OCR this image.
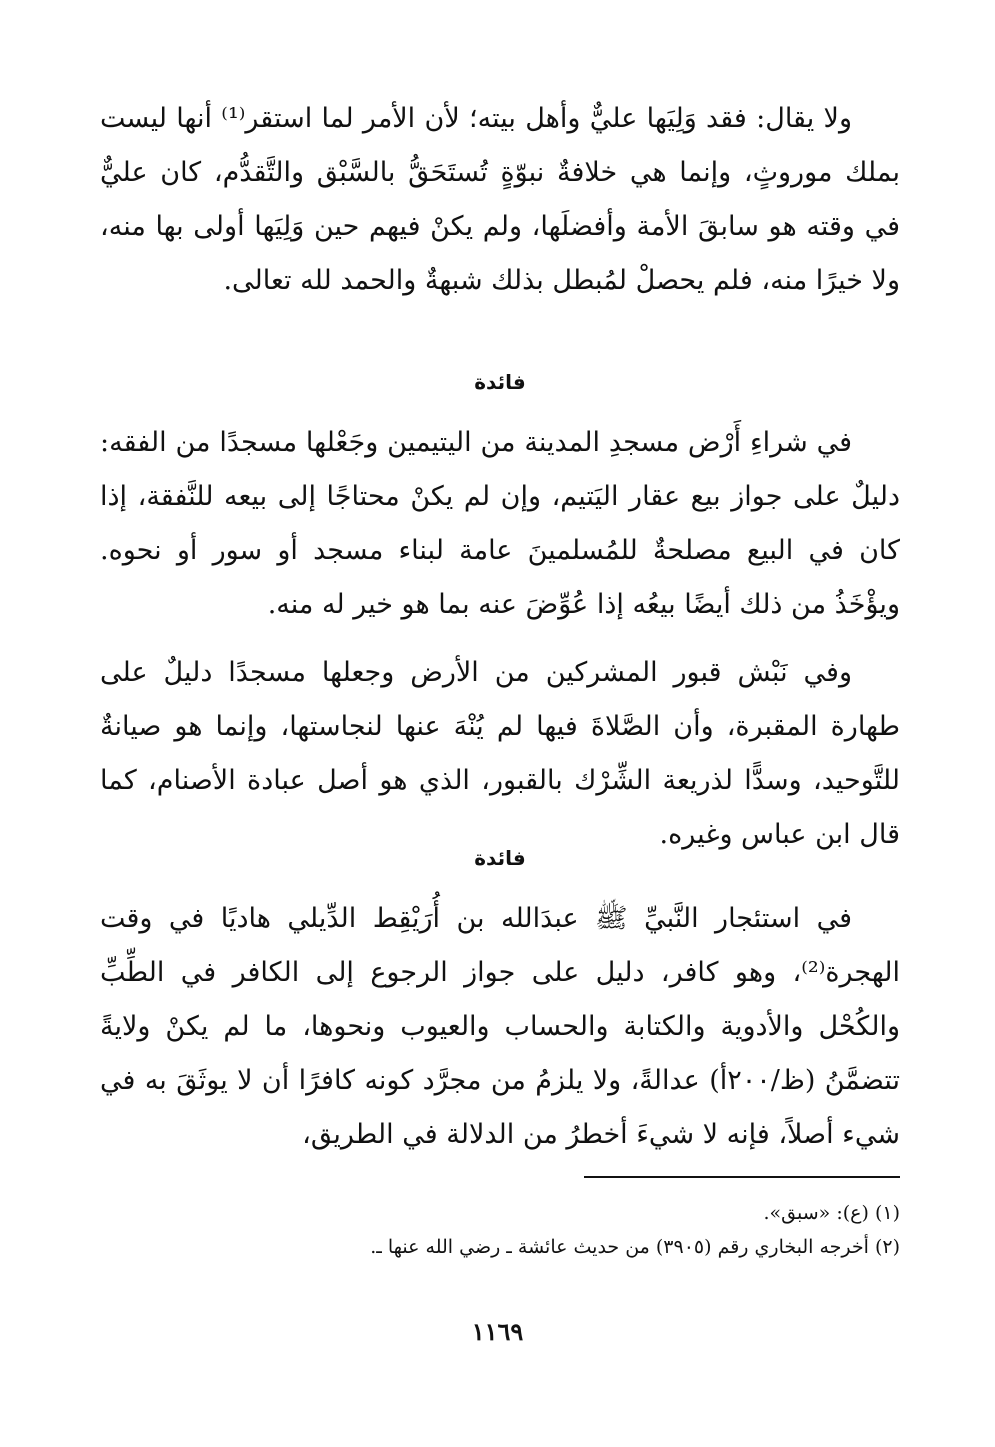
ولا يقال: فقد وَلِيَها عليٌّ وأهل بيته؛ لأن الأمر لما استقر⁽¹⁾ أنها ليست بملك موروثٍ، وإنما هي خلافةٌ نبوّةٍ تُستَحَقُّ بالسَّبْق والتَّقدُّم، كان عليٌّ في وقته هو سابقَ الأمة وأفضلَها، ولم يكنْ فيهم حين وَلِيَها أولى بها منه، ولا خيرًا منه، فلم يحصلْ لمُبطل بذلك شبهةٌ والحمد لله تعالى.

فائدة

في شراءِ أَرْض مسجدِ المدينة من اليتيمين وجَعْلها مسجدًا من الفقه: دليلٌ على جواز بيع عقار اليَتيم، وإن لم يكنْ محتاجًا إلى بيعه للنَّفقة، إذا كان في البيع مصلحةٌ للمُسلمينَ عامة لبناء مسجد أو سور أو نحوه. ويؤْخَذُ من ذلك أيضًا بيعُه إذا عُوِّضَ عنه بما هو خير له منه.

وفي نَبْش قبور المشركين من الأرض وجعلها مسجدًا دليلٌ على طهارة المقبرة، وأن الصَّلاةَ فيها لم يُنْهَ عنها لنجاستها، وإنما هو صيانةٌ للتَّوحيد، وسدًّا لذريعة الشِّرْك بالقبور، الذي هو أصل عبادة الأصنام، كما قال ابن عباس وغيره.

فائدة

في استئجار النَّبيِّ ﷺ عبدَالله بن أُرَيْقِط الدِّيلي هاديًا في وقت الهجرة⁽²⁾، وهو كافر، دليل على جواز الرجوع إلى الكافر في الطِّبِّ والكُحْل والأدوية والكتابة والحساب والعيوب ونحوها، ما لم يكنْ ولايةً تتضمَّنُ (ظ/٢٠٠أ) عدالةً، ولا يلزمُ من مجرَّد كونه كافرًا أن لا يوثَقَ به في شيء أصلاً، فإنه لا شيءَ أخطرُ من الدلالة في الطريق،

(١) (ع): «سبق».

(٢) أخرجه البخاري رقم (٣٩٠٥) من حديث عائشة ـ رضي الله عنها ـ.

١١٦٩
